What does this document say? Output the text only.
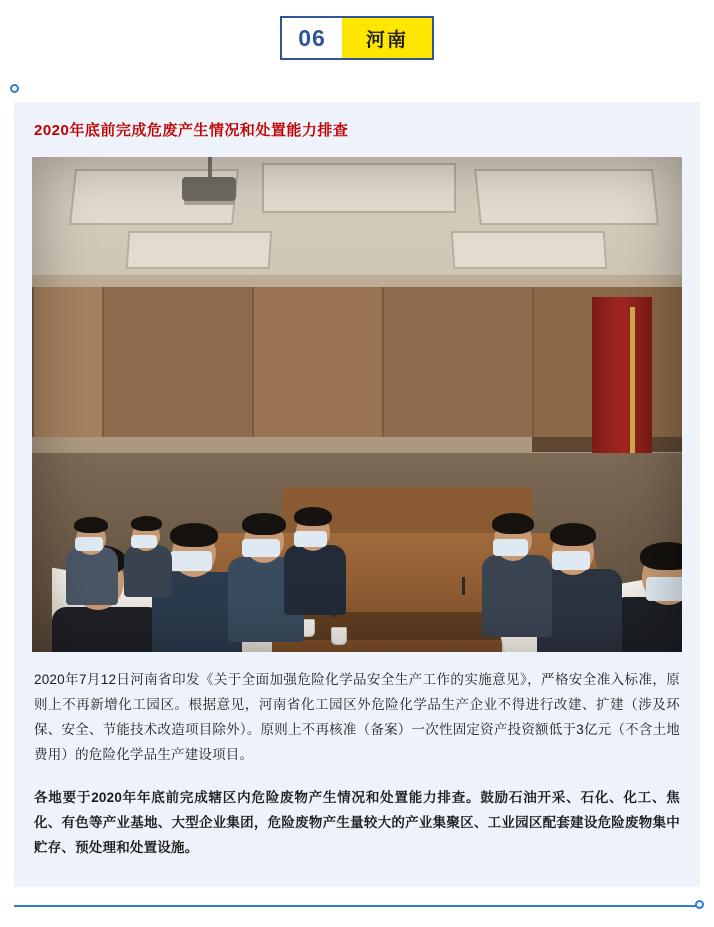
06	河南
2020年底前完成危废产生情况和处置能力排查

2020年7月12日河南省印发《关于全面加强危险化学品安全生产工作的实施意见》，严格安全准入标准，原则上不再新增化工园区。根据意见，河南省化工园区外危险化学品生产企业不得进行改建、扩建（涉及环保、安全、节能技术改造项目除外）。原则上不再核准（备案）一次性固定资产投资额低于3亿元（不含土地费用）的危险化学品生产建设项目。

各地要于2020年年底前完成辖区内危险废物产生情况和处置能力排查。鼓励石油开采、石化、化工、焦化、有色等产业基地、大型企业集团，危险废物产生量较大的产业集聚区、工业园区配套建设危险废物集中贮存、预处理和处置设施。
